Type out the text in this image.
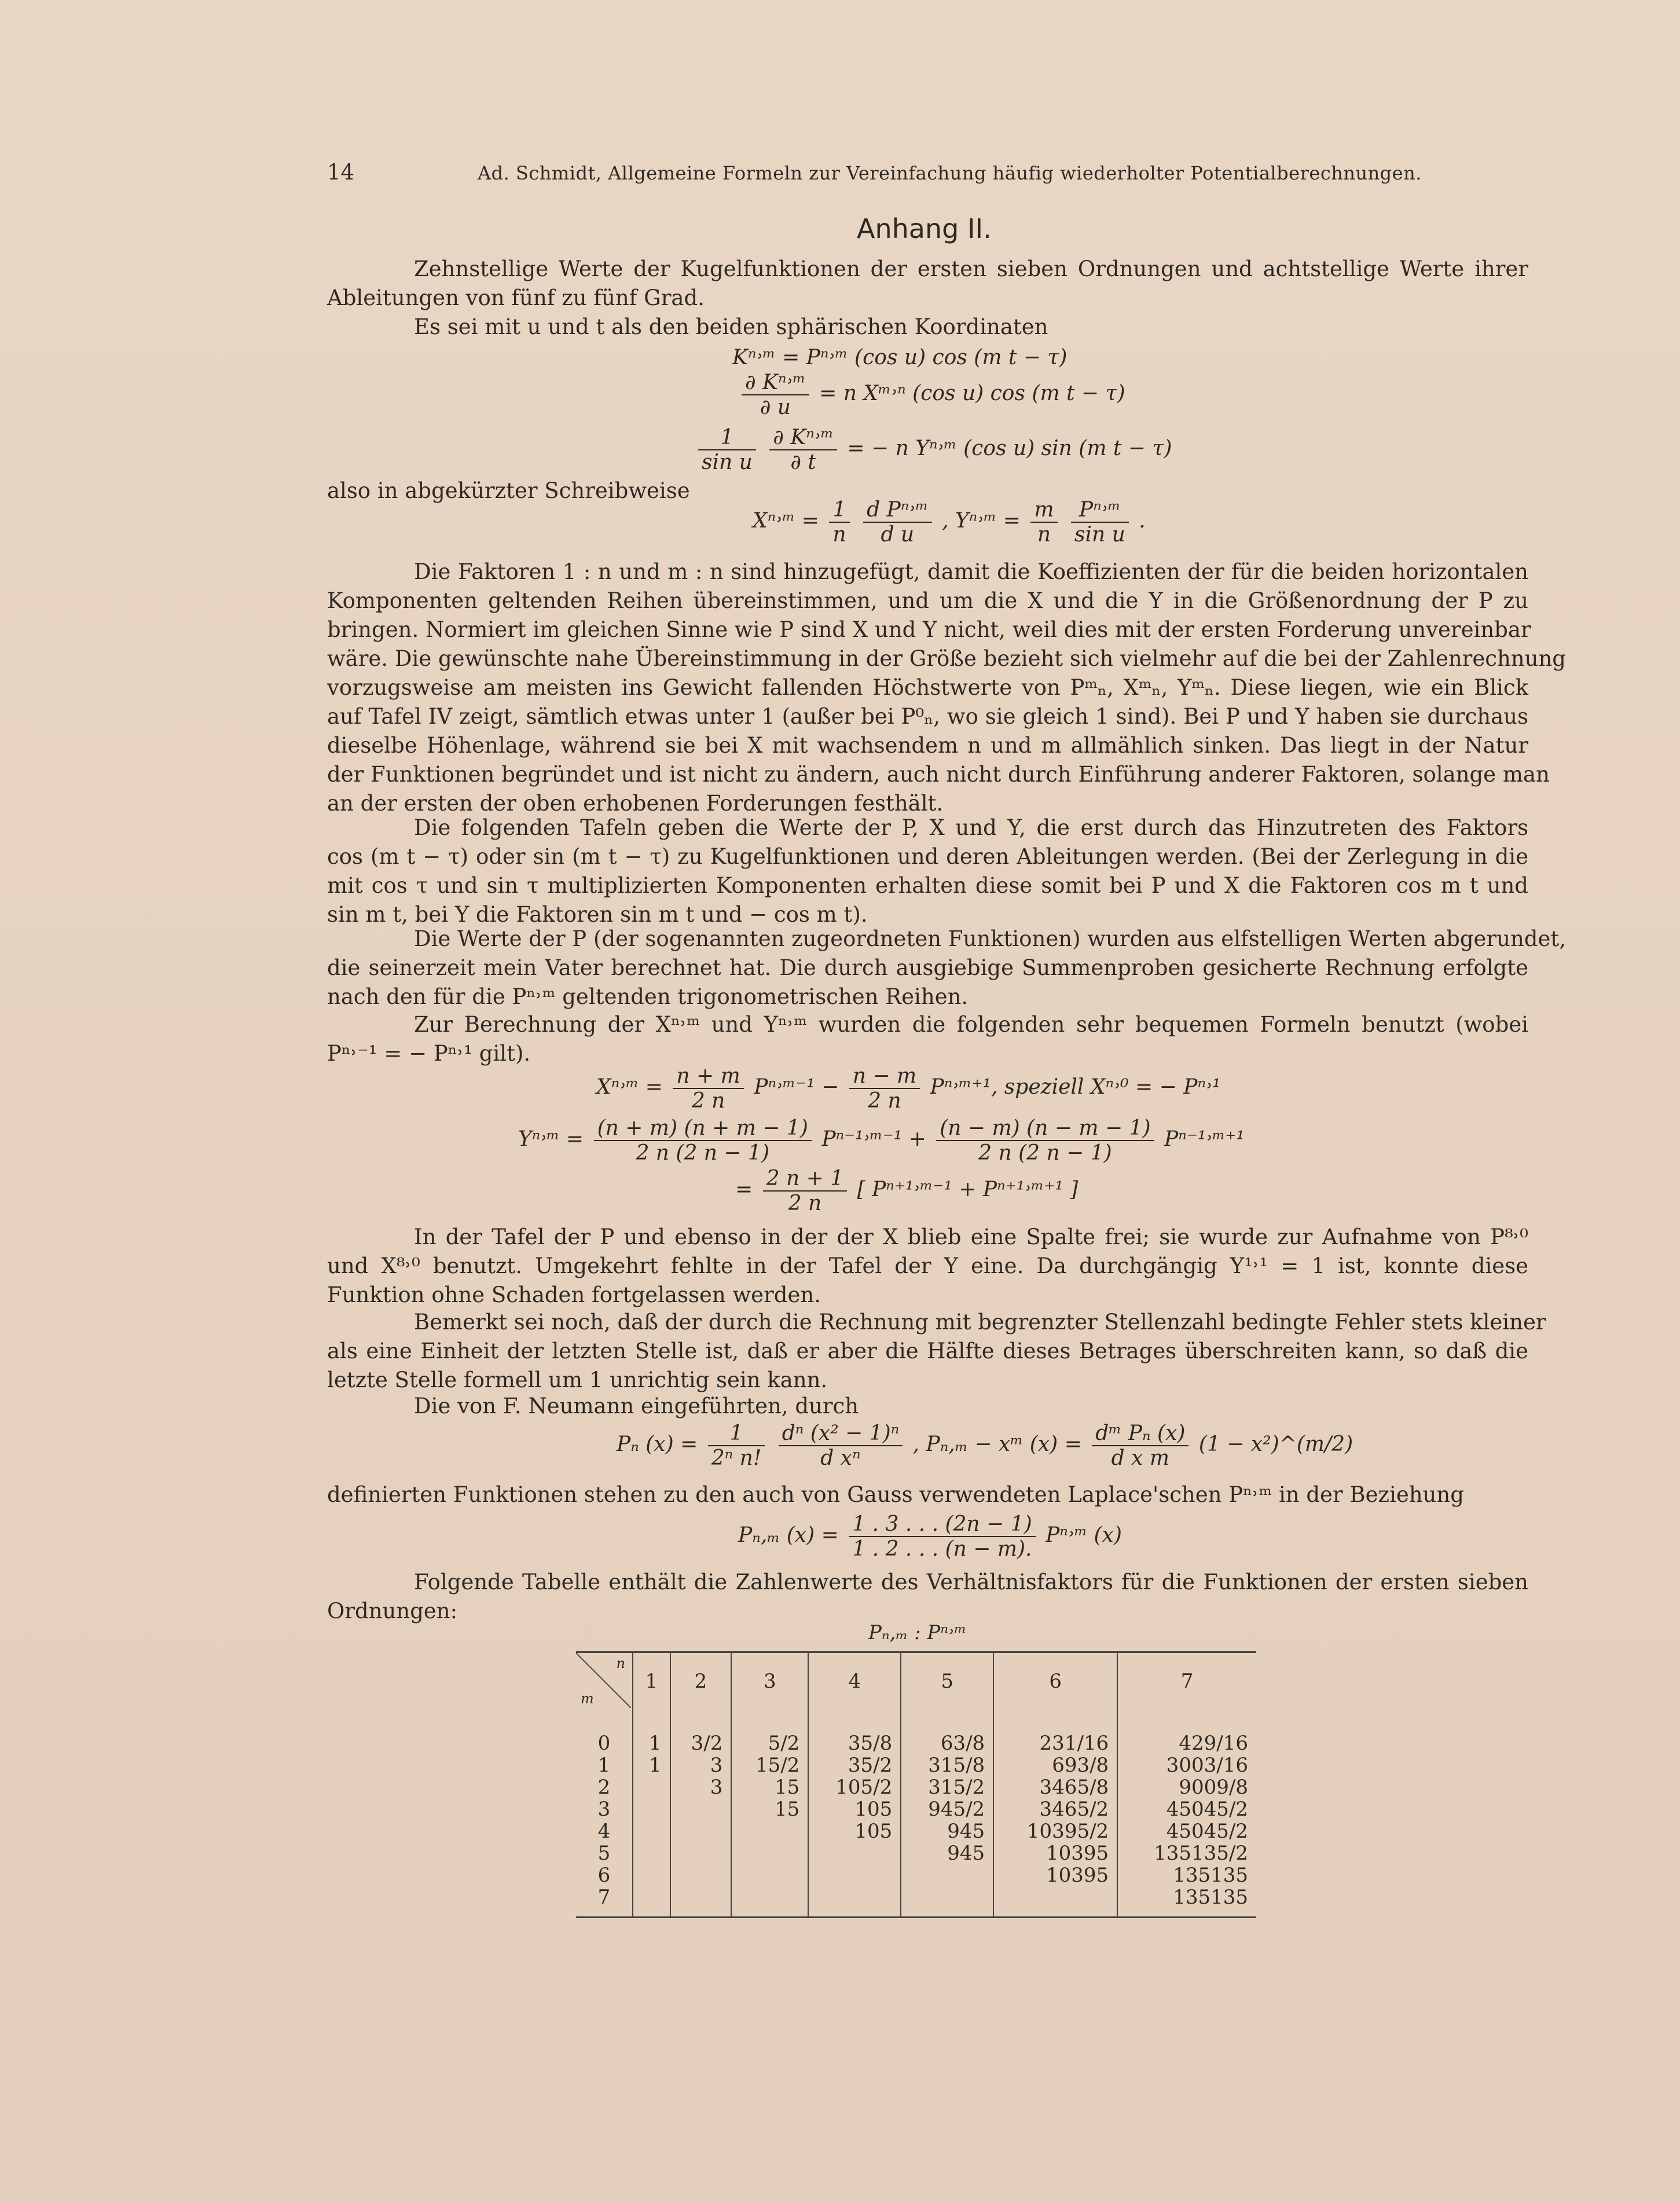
14	Ad. Schmidt, Allgemeine Formeln zur Vereinfachung häufig wiederholter Potentialberechnungen.
Anhang II.
Zehnstellige Werte der Kugelfunktionen der ersten sieben Ordnungen und achtstellige Werte ihrer
Ableitungen von fünf zu fünf Grad.
Es sei mit u und t als den beiden sphärischen Koordinaten
Kⁿ˒ᵐ = Pⁿ˒ᵐ (cos u) cos (m t − τ)
$\frac{\text{∂ Kⁿ˒ᵐ}}{\partial u} = n$ Xᵐ˒ⁿ (cos u) cos (m t − τ)
$\frac{1}{\text{sin u}}$
$\frac{\text{∂ Kⁿ˒ᵐ}}{\partial t}$ = − n Yⁿ˒ᵐ (cos u) sin (m t − τ)
also in abgekürzter Schreibweise
Xⁿ˒ᵐ = $\frac{1}{n}$
$\frac{\text{d Pⁿ˒ᵐ}}{\text{d u}}$ , Yⁿ˒ᵐ = $\frac{m}{n}$
$\frac{\text{Pⁿ˒ᵐ}}{\text{sin u}}$ .
Die Faktoren 1 : n und m : n sind hinzugefügt, damit die Koeffizienten der für die beiden horizontalen
Komponenten geltenden Reihen übereinstimmen, und um die X und die Y in die Größenordnung der P zu
bringen. Normiert im gleichen Sinne wie P sind X und Y nicht, weil dies mit der ersten Forderung unvereinbar
wäre. Die gewünschte nahe Übereinstimmung in der Größe bezieht sich vielmehr auf die bei der Zahlenrechnung
vorzugsweise am meisten ins Gewicht fallenden Höchstwerte von Pᵐₙ, Xᵐₙ, Yᵐₙ. Diese liegen, wie ein Blick
auf Tafel IV zeigt, sämtlich etwas unter 1 (außer bei P⁰ₙ, wo sie gleich 1 sind). Bei P und Y haben sie durchaus
dieselbe Höhenlage, während sie bei X mit wachsendem n und m allmählich sinken. Das liegt in der Natur
der Funktionen begründet und ist nicht zu ändern, auch nicht durch Einführung anderer Faktoren, solange man
an der ersten der oben erhobenen Forderungen festhält.
Die folgenden Tafeln geben die Werte der P, X und Y, die erst durch das Hinzutreten des Faktors
cos (m t − τ) oder sin (m t − τ) zu Kugelfunktionen und deren Ableitungen werden. (Bei der Zerlegung in die
mit cos τ und sin τ multiplizierten Komponenten erhalten diese somit bei P und X die Faktoren cos m t und
sin m t, bei Y die Faktoren sin m t und − cos m t).
Die Werte der P (der sogenannten zugeordneten Funktionen) wurden aus elfstelligen Werten abgerundet,
die seinerzeit mein Vater berechnet hat. Die durch ausgiebige Summenproben gesicherte Rechnung erfolgte
nach den für die Pⁿ˒ᵐ geltenden trigonometrischen Reihen.
Zur Berechnung der Xⁿ˒ᵐ und Yⁿ˒ᵐ wurden die folgenden sehr bequemen Formeln benutzt (wobei
Pⁿ˒⁻¹ = − Pⁿ˒¹ gilt).
Xⁿ˒ᵐ = $\frac{n + m}{2 n}$ Pⁿ˒ᵐ⁻¹ − $\frac{n - m}{2 n}$ Pⁿ˒ᵐ⁺¹, speziell Xⁿ˒⁰ = − Pⁿ˒¹
Yⁿ˒ᵐ = $\frac{(n + m) (n + m - 1)}{2 n (2 n - 1)}$ Pⁿ⁻¹˒ᵐ⁻¹ + $\frac{(n - m) (n - m - 1)}{2 n (2 n - 1)}$ Pⁿ⁻¹˒ᵐ⁺¹
= $\frac{2 n + 1}{2 n}$ [ Pⁿ⁺¹˒ᵐ⁻¹ + Pⁿ⁺¹˒ᵐ⁺¹ ]
In der Tafel der P und ebenso in der der X blieb eine Spalte frei; sie wurde zur Aufnahme von P⁸˒⁰
und X⁸˒⁰ benutzt. Umgekehrt fehlte in der Tafel der Y eine. Da durchgängig Y¹˒¹ = 1 ist, konnte diese
Funktion ohne Schaden fortgelassen werden.
Bemerkt sei noch, daß der durch die Rechnung mit begrenzter Stellenzahl bedingte Fehler stets kleiner
als eine Einheit der letzten Stelle ist, daß er aber die Hälfte dieses Betrages überschreiten kann, so daß die
letzte Stelle formell um 1 unrichtig sein kann.
Die von F. Neumann eingeführten, durch
Pₙ $(x) = \frac{1}{\text{2ⁿ n!}}$
$\frac{\text{dⁿ (x² − 1)ⁿ}}{\text{d xⁿ}}$ , Pₙ,ₘ − xᵐ $(x) = \frac{\text{dᵐ Pₙ (x)}}{\text{d x m}} (1$ − x²)^(m/2)
definierten Funktionen stehen zu den auch von Gauss verwendeten Laplace'schen Pⁿ˒ᵐ in der Beziehung
Pₙ,ₘ $(x) = \frac{1 . 3 . . . (2n - 1)}{1 . 2 . . . (n - m).}$ Pⁿ˒ᵐ (x)
Folgende Tabelle enthält die Zahlenwerte des Verhältnisfaktors für die Funktionen der ersten sieben
Ordnungen:
Pₙ,ₘ : Pⁿ˒ᵐ
n
m	1	2	3	4	5	6	7

0	1	3/2	5/2	35/8	63/8	231/16	429/16
1	1	3	15/2	35/2	315/8	693/8	3003/16
2		3	15	105/2	315/2	3465/8	9009/8
3			15	105	945/2	3465/2	45045/2
4				105	945	10395/2	45045/2
5					945	10395	135135/2
6						10395	135135
7							135135
